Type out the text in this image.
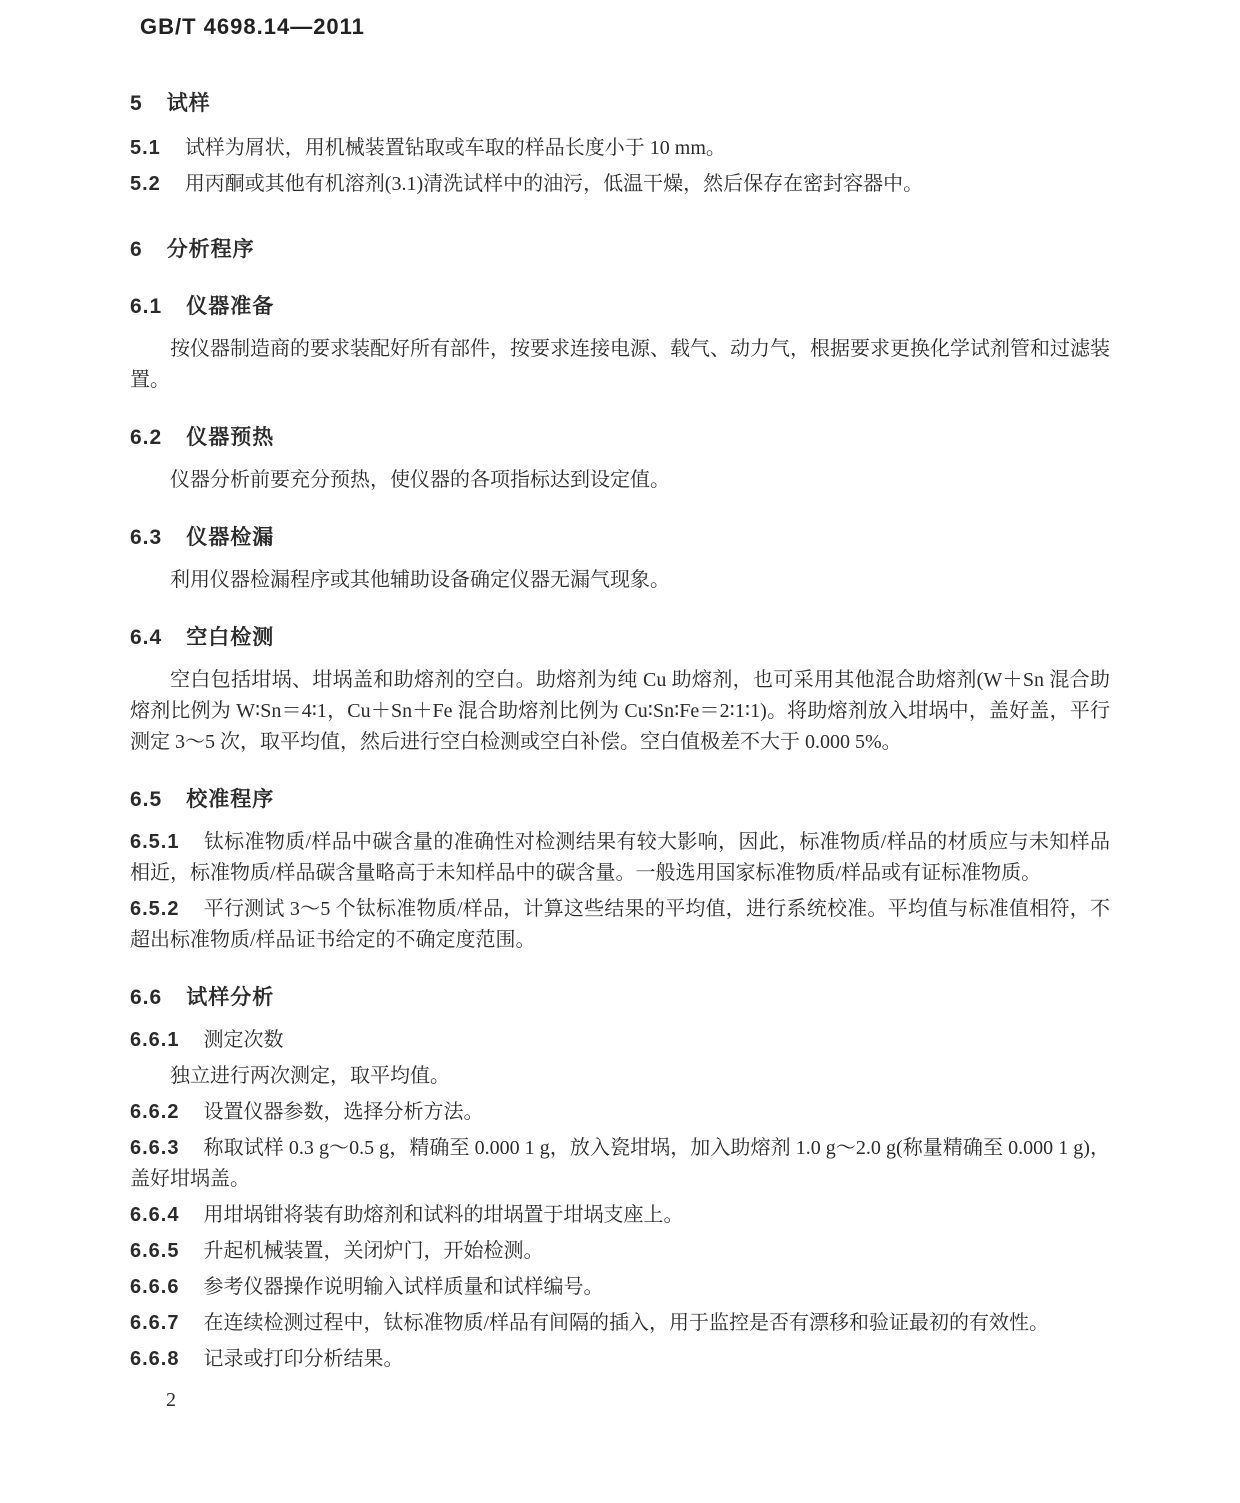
GB/T 4698.14—2011
5 试样
5.1 试样为屑状，用机械装置钻取或车取的样品长度小于 10 mm。
5.2 用丙酮或其他有机溶剂(3.1)清洗试样中的油污，低温干燥，然后保存在密封容器中。
6 分析程序
6.1 仪器准备
按仪器制造商的要求装配好所有部件，按要求连接电源、载气、动力气，根据要求更换化学试剂管和过滤装置。
6.2 仪器预热
仪器分析前要充分预热，使仪器的各项指标达到设定值。
6.3 仪器检漏
利用仪器检漏程序或其他辅助设备确定仪器无漏气现象。
6.4 空白检测
空白包括坩埚、坩埚盖和助熔剂的空白。助熔剂为纯 Cu 助熔剂，也可采用其他混合助熔剂(W＋Sn 混合助熔剂比例为 W∶Sn＝4∶1，Cu＋Sn＋Fe 混合助熔剂比例为 Cu∶Sn∶Fe＝2∶1∶1)。将助熔剂放入坩埚中，盖好盖，平行测定 3～5 次，取平均值，然后进行空白检测或空白补偿。空白值极差不大于 0.000 5%。
6.5 校准程序
6.5.1 钛标准物质/样品中碳含量的准确性对检测结果有较大影响，因此，标准物质/样品的材质应与未知样品相近，标准物质/样品碳含量略高于未知样品中的碳含量。一般选用国家标准物质/样品或有证标准物质。
6.5.2 平行测试 3～5 个钛标准物质/样品，计算这些结果的平均值，进行系统校准。平均值与标准值相符，不超出标准物质/样品证书给定的不确定度范围。
6.6 试样分析
6.6.1 测定次数
独立进行两次测定，取平均值。
6.6.2 设置仪器参数，选择分析方法。
6.6.3 称取试样 0.3 g～0.5 g，精确至 0.000 1 g，放入瓷坩埚，加入助熔剂 1.0 g～2.0 g(称量精确至 0.000 1 g)，盖好坩埚盖。
6.6.4 用坩埚钳将装有助熔剂和试料的坩埚置于坩埚支座上。
6.6.5 升起机械装置，关闭炉门，开始检测。
6.6.6 参考仪器操作说明输入试样质量和试样编号。
6.6.7 在连续检测过程中，钛标准物质/样品有间隔的插入，用于监控是否有漂移和验证最初的有效性。
6.6.8 记录或打印分析结果。
2
